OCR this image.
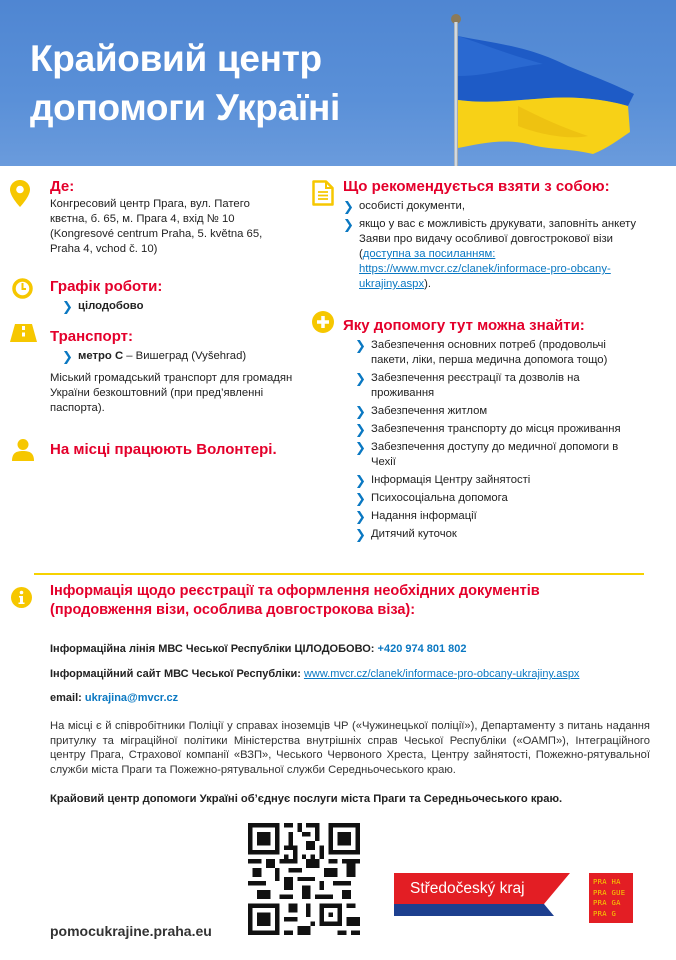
Крайовий центр
допомоги Україні
Де:
Конгресовий центр Прага, вул. Патего квєтна, б. 65, м. Прага 4, вхід № 10 (Kongresové centrum Praha, 5. května 65, Praha 4, vchod č. 10)
Графік роботи:
❯ цілодобово
Транспорт:
❯ метро C – Вишеград (Vyšehrad)
Міський громадський транспорт для громадян України безкоштовний (при пред’явленні паспорта).
На місці працюють Волонтері.
Що рекомендується взяти з собою:
❯ особисті документи,
❯ якщо у вас є можливість друкувати, заповніть анкету Заяви про видачу особливої довгострокової візи (доступна за посиланням: https://www.mvcr.cz/clanek/informace-pro-obcany-ukrajiny.aspx).
Яку допомогу тут можна знайти:
❯ Забезпечення основних потреб (продовольчі пакети, ліки, перша медична допомога тощо)
❯ Забезпечення реєстрації та дозволів на проживання
❯ Забезпечення житлом
❯ Забезпечення транспорту до місця проживання
❯ Забезпечення доступу до медичної допомоги в Чехії
❯ Інформація Центру зайнятості
❯ Психосоціальна допомога
❯ Надання інформації
❯ Дитячий куточок
Інформація щодо реєстрації та оформлення необхідних документів
(продовження візи, особлива довгострокова віза):
Інформаційна лінія МВС Чеської Республіки ЦІЛОДОБОВО: +420 974 801 802
Інформаційний сайт МВС Чеської Республіки: www.mvcr.cz/clanek/informace-pro-obcany-ukrajiny.aspx
email: ukrajina@mvcr.cz
На місці є й співробітники Поліції у справах іноземців ЧР («Чужинецької поліції»), Департаменту з питань надання притулку та міграційної політики Міністерства внутрішніх справ Чеської Республіки («ОАМП»), Інтеграційного центру Прага, Страхової компанії «ВЗП», Чеського Червоного Хреста, Центру зайнятості, Пожежно-рятувальної служби міста Праги та Пожежно-рятувальної служби Середньочеського краю.
Крайовий центр допомоги Україні об’єднує послуги міста Праги та Середньочеського краю.
pomocukrajine.praha.eu
Středočeský kraj	PRA HA
PRA GUE
PRA GA
PRA G
